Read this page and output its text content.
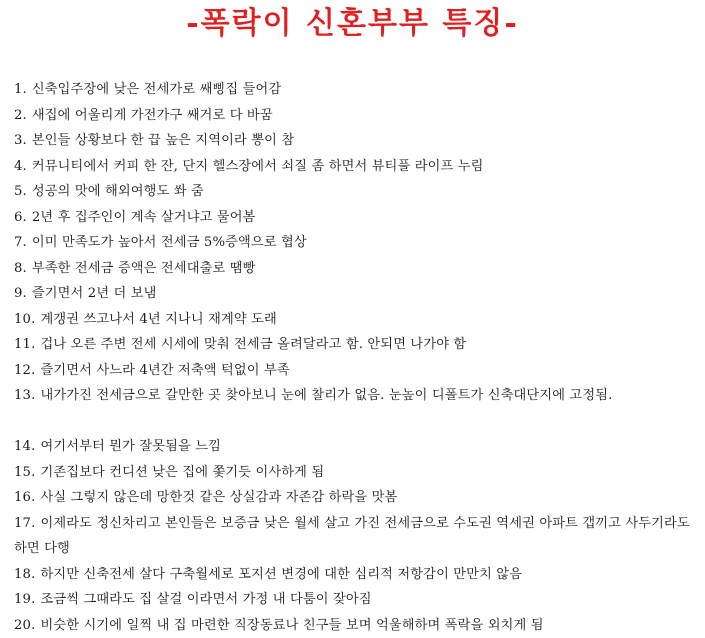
-폭락이 신혼부부 특징-
1. 신축입주장에 낮은 전세가로 쌔삥집 들어감
2. 새집에 어울리게 가전가구 쌔거로 다 바꿈
3. 본인들 상황보다 한 끕 높은 지역이라 뽕이 참
4. 커뮤니티에서 커피 한 잔, 단지 헬스장에서 쇠질 좀 하면서 뷰티풀 라이프 누림
5. 성공의 맛에 해외여행도 쏴 줌
6. 2년 후 집주인이 계속 살거냐고 물어봄
7. 이미 만족도가 높아서 전세금 5%증액으로 협상
8. 부족한 전세금 증액은 전세대출로 땜빵
9. 즐기면서 2년 더 보냄
10. 계갱권 쓰고나서 4년 지나니 재계약 도래
11. 겁나 오른 주변 전세 시세에 맞춰 전세금 올려달라고 함. 안되면 나가야 함
12. 즐기면서 사느라 4년간 저축액 턱없이 부족
13. 내가가진 전세금으로 갈만한 곳 찾아보니 눈에 찰리가 없음. 눈높이 디폴트가 신축대단지에 고정됨.
14. 여기서부터 뭔가 잘못됨을 느낌
15. 기존집보다 컨디션 낮은 집에 쫓기듯 이사하게 됨
16. 사실 그렇지 않은데 망한것 같은 상실감과 자존감 하락을 맛봄
17. 이제라도 정신차리고 본인들은 보증금 낮은 월세 살고 가진 전세금으로 수도권 역세권 아파트 갭끼고 사두기라도 하면 다행
18. 하지만 신축전세 살다 구축월세로 포지션 변경에 대한 심리적 저항감이 만만치 않음
19. 조금씩 그때라도 집 살걸 이라면서 가정 내 다툼이 잦아짐
20. 비슷한 시기에 일찍 내 집 마련한 직장동료나 친구들 보며 억울해하며 폭락을 외치게 됨
